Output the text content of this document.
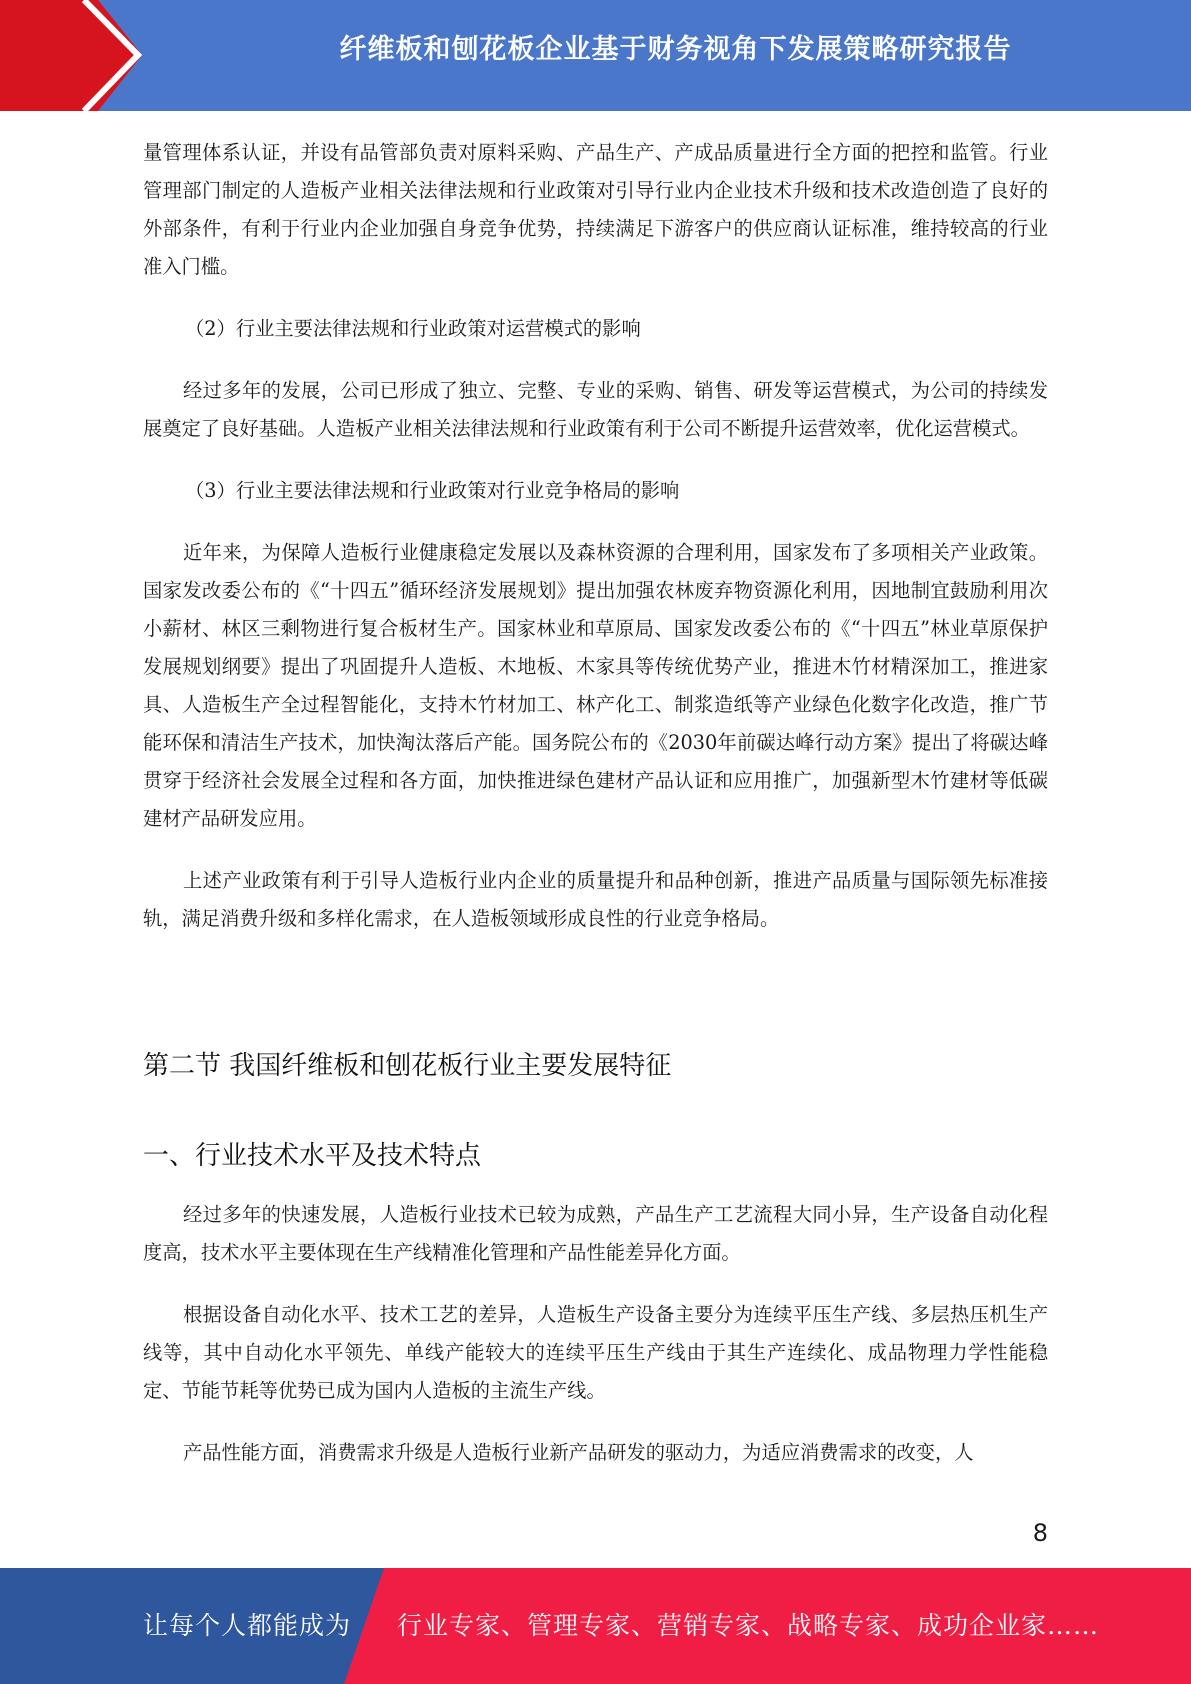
纤维板和刨花板企业基于财务视角下发展策略研究报告

量管理体系认证，并设有品管部负责对原料采购、产品生产、产成品质量进行全方面的把控和监管。行业管理部门制定的人造板产业相关法律法规和行业政策对引导行业内企业技术升级和技术改造创造了良好的外部条件，有利于行业内企业加强自身竞争优势，持续满足下游客户的供应商认证标准，维持较高的行业准入门槛。

（2）行业主要法律法规和行业政策对运营模式的影响

经过多年的发展，公司已形成了独立、完整、专业的采购、销售、研发等运营模式，为公司的持续发展奠定了良好基础。人造板产业相关法律法规和行业政策有利于公司不断提升运营效率，优化运营模式。

（3）行业主要法律法规和行业政策对行业竞争格局的影响

近年来，为保障人造板行业健康稳定发展以及森林资源的合理利用，国家发布了多项相关产业政策。国家发改委公布的《“十四五”循环经济发展规划》提出加强农林废弃物资源化利用，因地制宜鼓励利用次小薪材、林区三剩物进行复合板材生产。国家林业和草原局、国家发改委公布的《“十四五”林业草原保护发展规划纲要》提出了巩固提升人造板、木地板、木家具等传统优势产业，推进木竹材精深加工，推进家具、人造板生产全过程智能化，支持木竹材加工、林产化工、制浆造纸等产业绿色化数字化改造，推广节能环保和清洁生产技术，加快淘汰落后产能。国务院公布的《2030年前碳达峰行动方案》提出了将碳达峰贯穿于经济社会发展全过程和各方面，加快推进绿色建材产品认证和应用推广，加强新型木竹建材等低碳建材产品研发应用。

上述产业政策有利于引导人造板行业内企业的质量提升和品种创新，推进产品质量与国际领先标准接轨，满足消费升级和多样化需求，在人造板领域形成良性的行业竞争格局。

第二节 我国纤维板和刨花板行业主要发展特征
一、行业技术水平及技术特点

经过多年的快速发展，人造板行业技术已较为成熟，产品生产工艺流程大同小异，生产设备自动化程度高，技术水平主要体现在生产线精准化管理和产品性能差异化方面。

根据设备自动化水平、技术工艺的差异，人造板生产设备主要分为连续平压生产线、多层热压机生产线等，其中自动化水平领先、单线产能较大的连续平压生产线由于其生产连续化、成品物理力学性能稳定、节能节耗等优势已成为国内人造板的主流生产线。

产品性能方面，消费需求升级是人造板行业新产品研发的驱动力，为适应消费需求的改变，人

8
让每个人都能成为 行业专家、管理专家、营销专家、战略专家、成功企业家……
